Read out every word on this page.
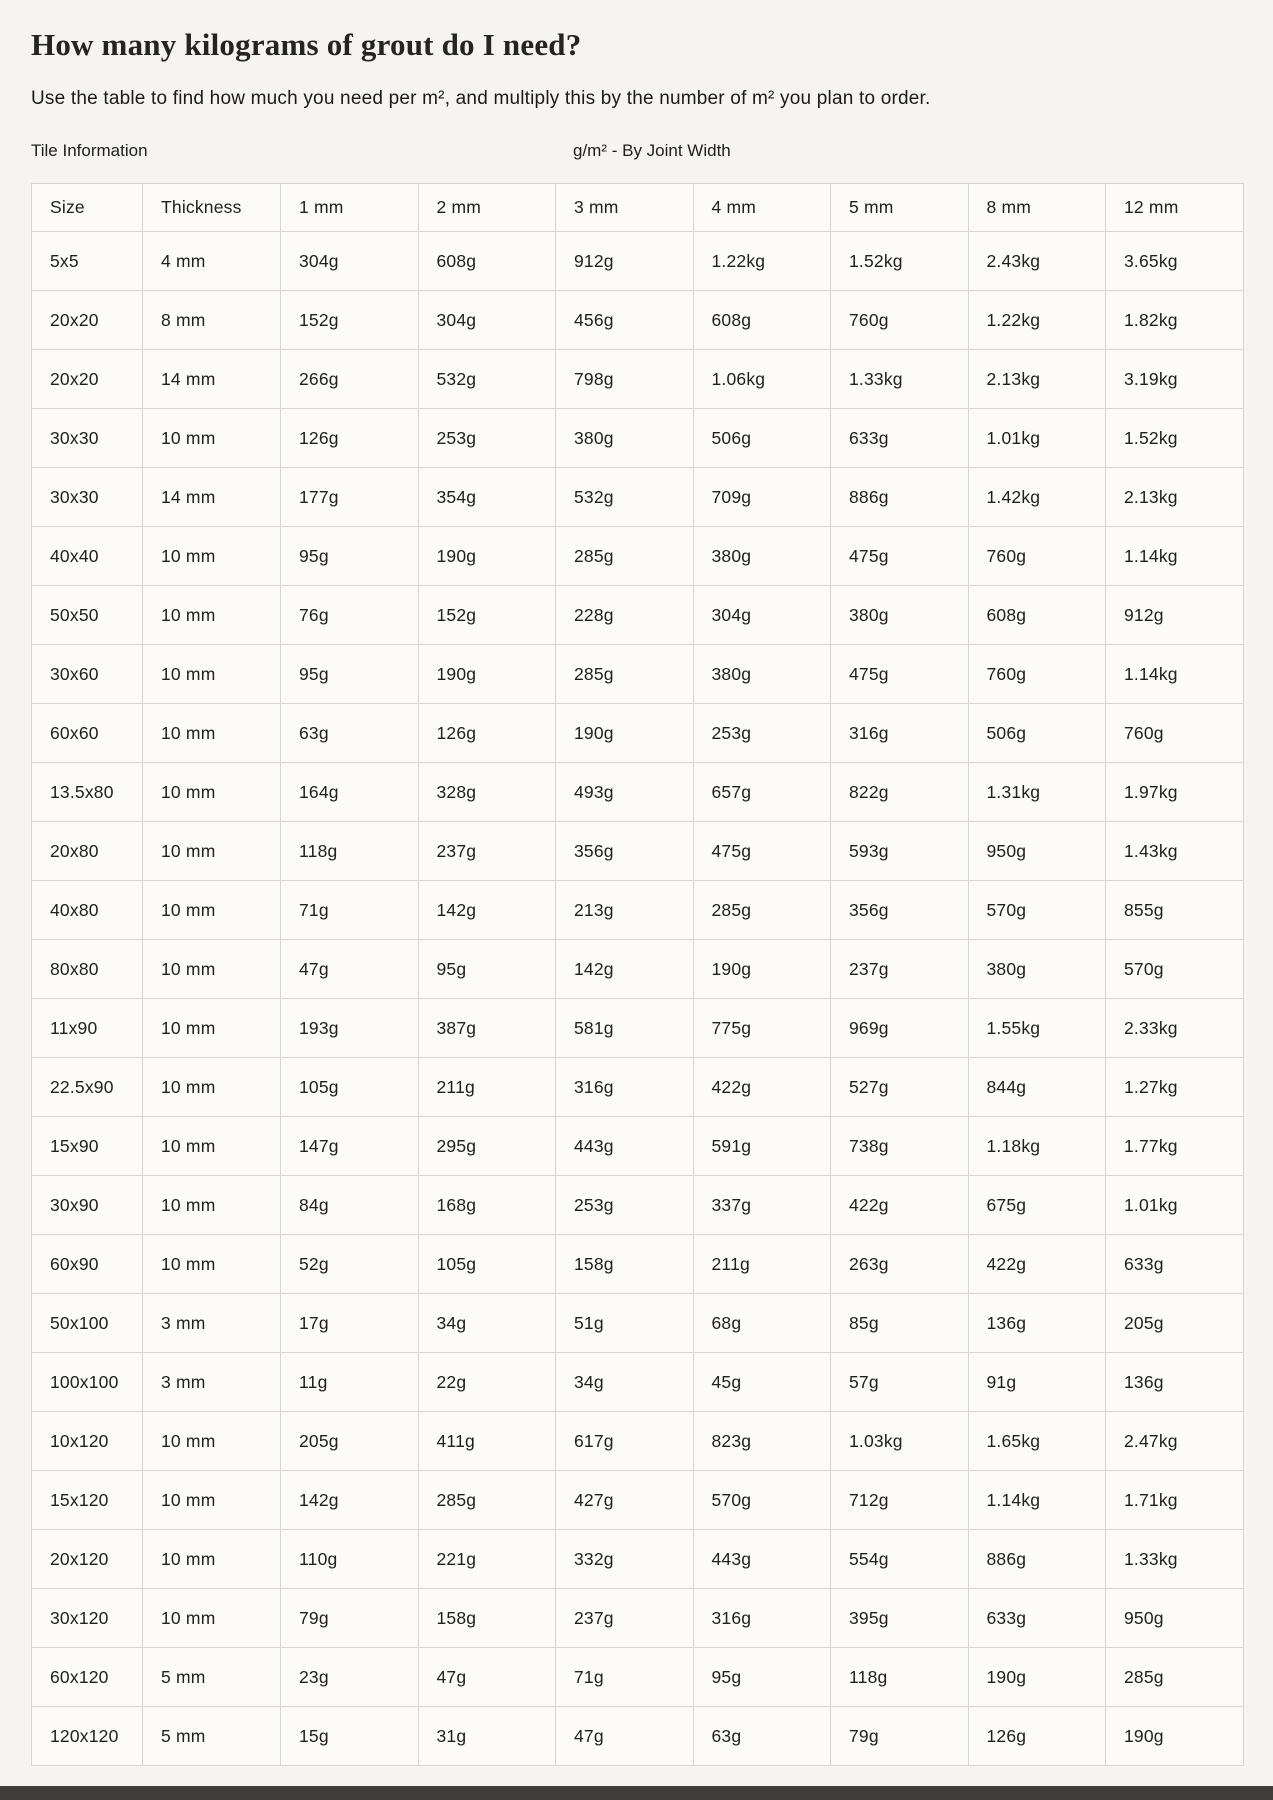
How many kilograms of grout do I need?

Use the table to find how much you need per m², and multiply this by the number of m² you plan to order.

Tile Information	g/m² - By Joint Width
Size	Thickness	1 mm	2 mm	3 mm	4 mm	5 mm	8 mm	12 mm
5x5	4 mm	304g	608g	912g	1.22kg	1.52kg	2.43kg	3.65kg
20x20	8 mm	152g	304g	456g	608g	760g	1.22kg	1.82kg
20x20	14 mm	266g	532g	798g	1.06kg	1.33kg	2.13kg	3.19kg
30x30	10 mm	126g	253g	380g	506g	633g	1.01kg	1.52kg
30x30	14 mm	177g	354g	532g	709g	886g	1.42kg	2.13kg
40x40	10 mm	95g	190g	285g	380g	475g	760g	1.14kg
50x50	10 mm	76g	152g	228g	304g	380g	608g	912g
30x60	10 mm	95g	190g	285g	380g	475g	760g	1.14kg
60x60	10 mm	63g	126g	190g	253g	316g	506g	760g
13.5x80	10 mm	164g	328g	493g	657g	822g	1.31kg	1.97kg
20x80	10 mm	118g	237g	356g	475g	593g	950g	1.43kg
40x80	10 mm	71g	142g	213g	285g	356g	570g	855g
80x80	10 mm	47g	95g	142g	190g	237g	380g	570g
11x90	10 mm	193g	387g	581g	775g	969g	1.55kg	2.33kg
22.5x90	10 mm	105g	211g	316g	422g	527g	844g	1.27kg
15x90	10 mm	147g	295g	443g	591g	738g	1.18kg	1.77kg
30x90	10 mm	84g	168g	253g	337g	422g	675g	1.01kg
60x90	10 mm	52g	105g	158g	211g	263g	422g	633g
50x100	3 mm	17g	34g	51g	68g	85g	136g	205g
100x100	3 mm	11g	22g	34g	45g	57g	91g	136g
10x120	10 mm	205g	411g	617g	823g	1.03kg	1.65kg	2.47kg
15x120	10 mm	142g	285g	427g	570g	712g	1.14kg	1.71kg
20x120	10 mm	110g	221g	332g	443g	554g	886g	1.33kg
30x120	10 mm	79g	158g	237g	316g	395g	633g	950g
60x120	5 mm	23g	47g	71g	95g	118g	190g	285g
120x120	5 mm	15g	31g	47g	63g	79g	126g	190g
